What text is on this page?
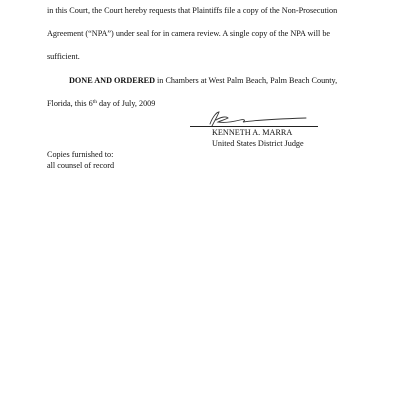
in this Court, the Court hereby requests that Plaintiffs file a copy of the Non-Prosecution
Agreement (“NPA”) under seal for in camera review. A single copy of the NPA will be
sufficient.
DONE AND ORDERED in Chambers at West Palm Beach, Palm Beach County,
Florida, this 6th day of July, 2009
KENNETH A. MARRA
United States District Judge
Copies furnished to:
all counsel of record
